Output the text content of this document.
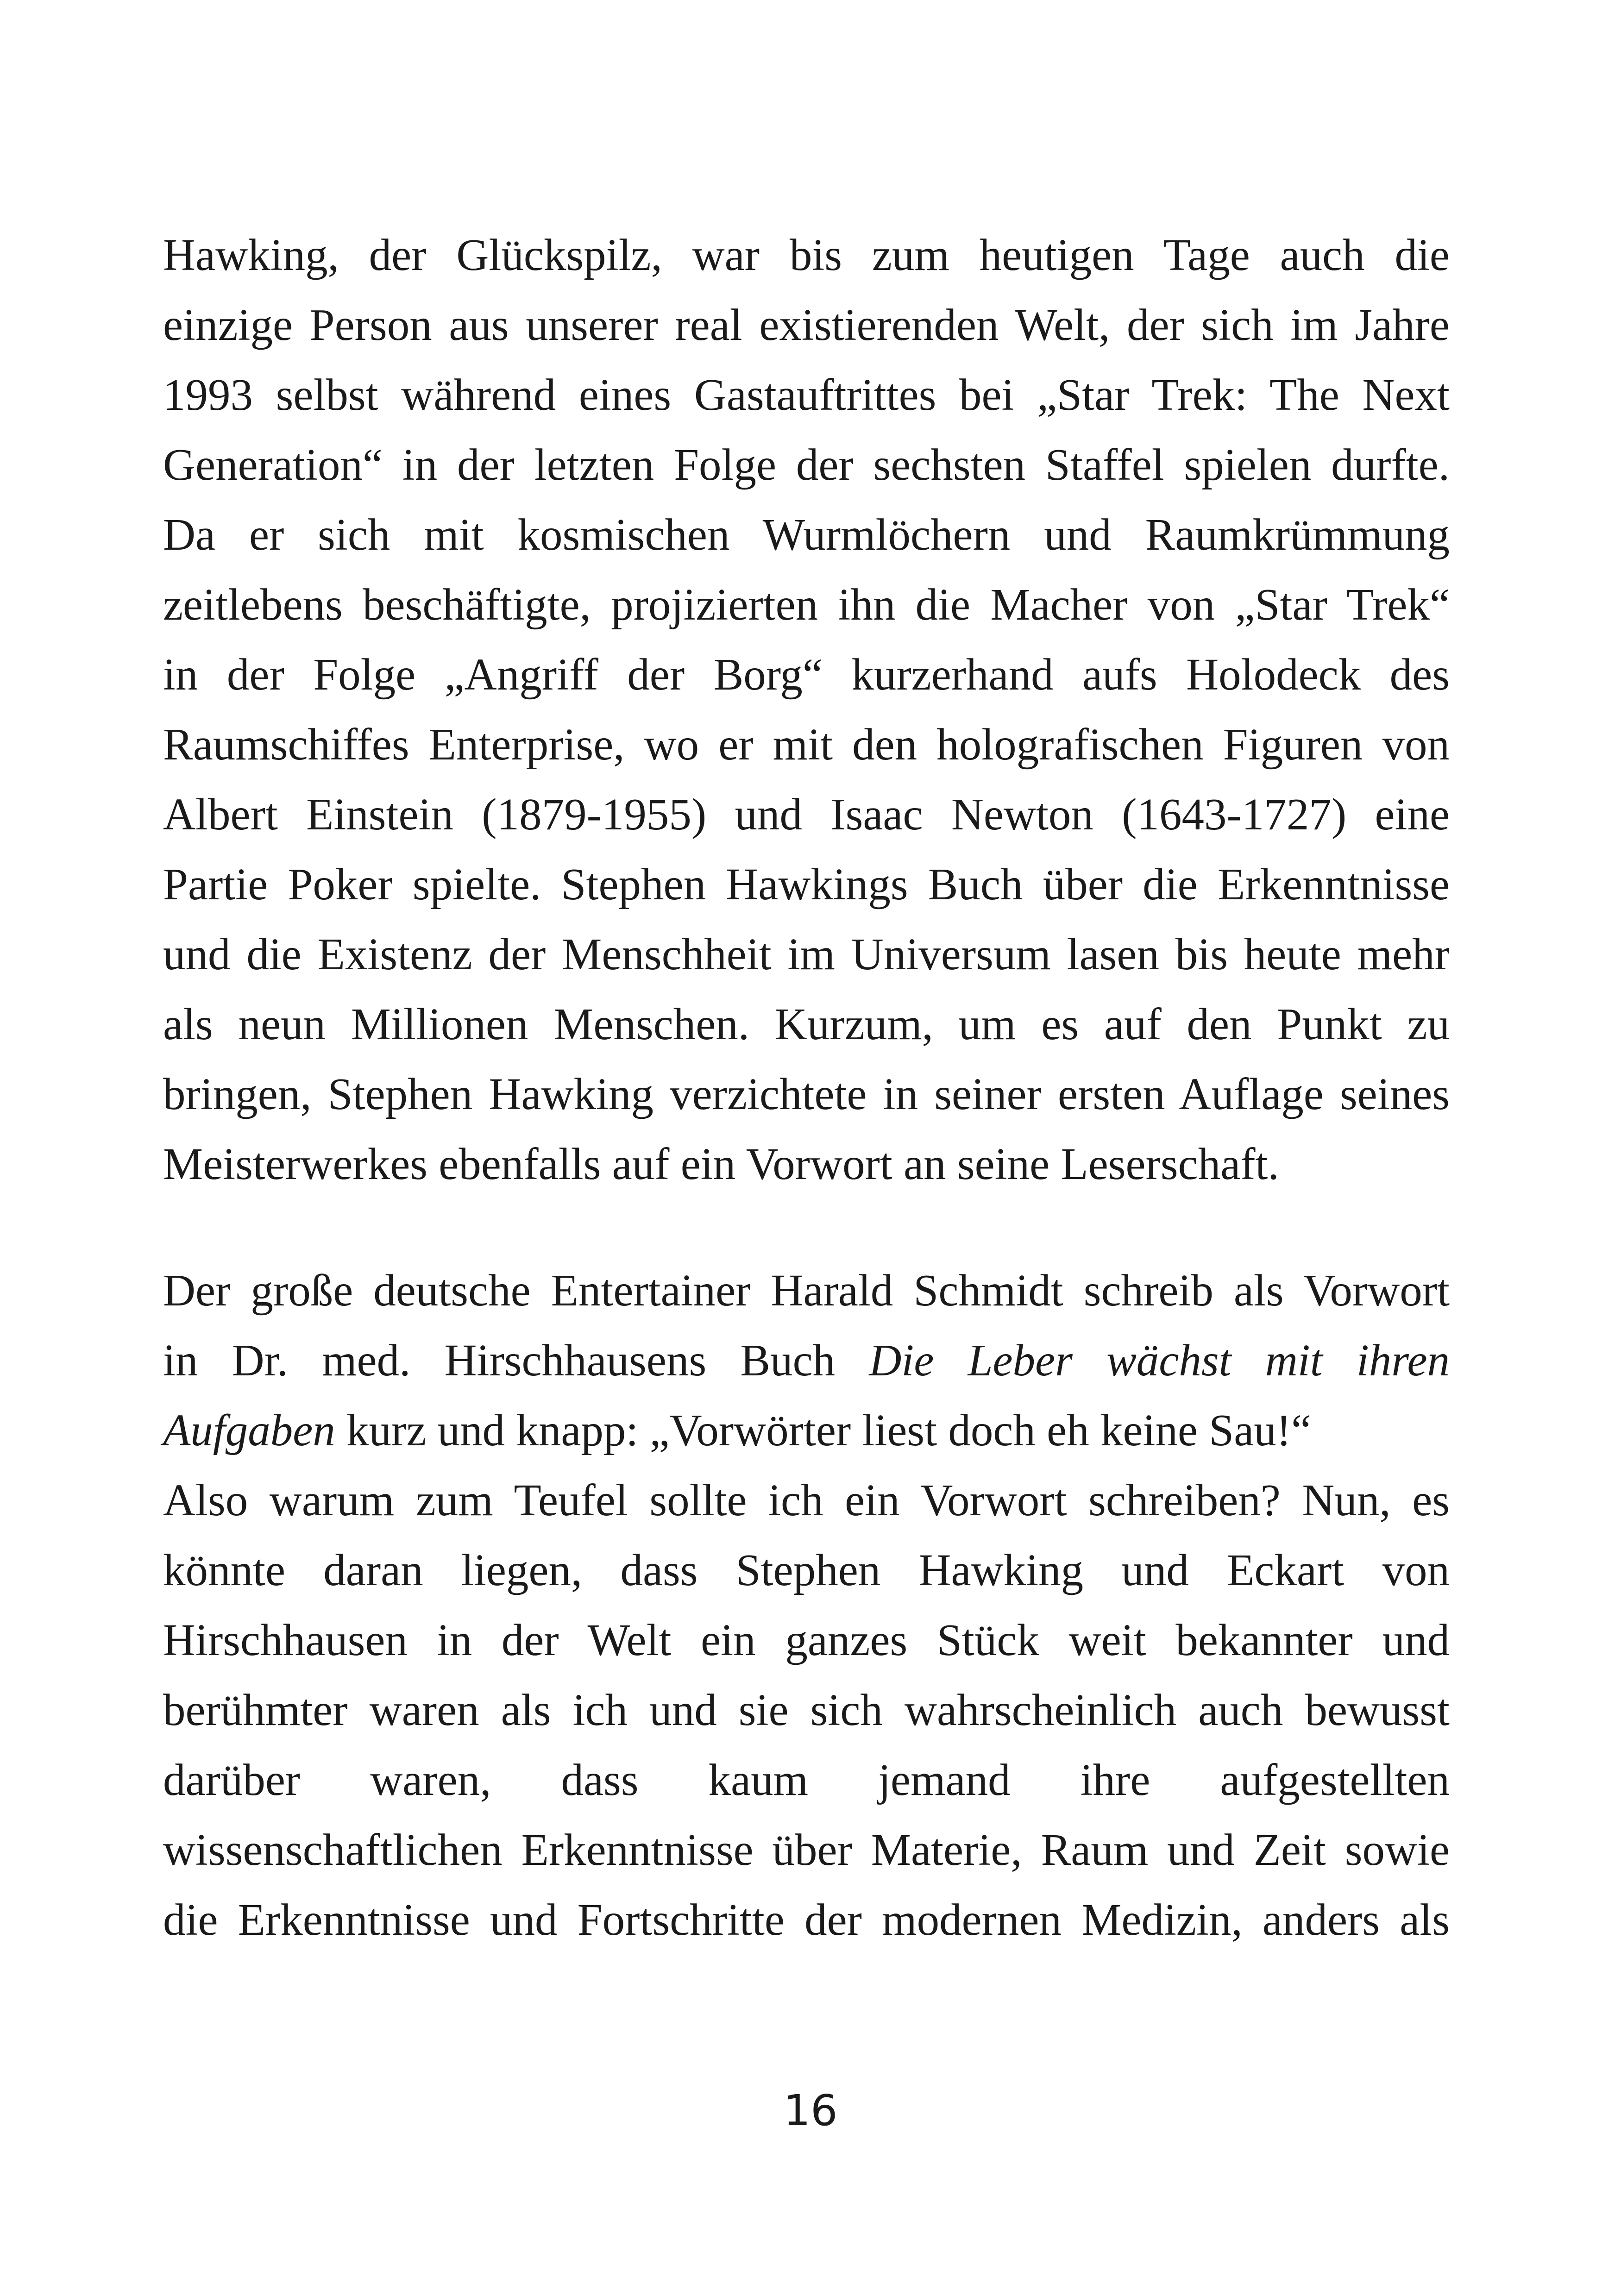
Hawking, der Glückspilz, war bis zum heutigen Tage auch die
einzige Person aus unserer real existierenden Welt, der sich im Jahre
1993 selbst während eines Gastauftrittes bei „Star Trek: The Next
Generation“ in der letzten Folge der sechsten Staffel spielen durfte.
Da er sich mit kosmischen Wurmlöchern und Raumkrümmung
zeitlebens beschäftigte, projizierten ihn die Macher von „Star Trek“
in der Folge „Angriff der Borg“ kurzerhand aufs Holodeck des
Raumschiffes Enterprise, wo er mit den holografischen Figuren von
Albert Einstein (1879-1955) und Isaac Newton (1643-1727) eine
Partie Poker spielte. Stephen Hawkings Buch über die Erkenntnisse
und die Existenz der Menschheit im Universum lasen bis heute mehr
als neun Millionen Menschen. Kurzum, um es auf den Punkt zu
bringen, Stephen Hawking verzichtete in seiner ersten Auflage seines
Meisterwerkes ebenfalls auf ein Vorwort an seine Leserschaft.
Der große deutsche Entertainer Harald Schmidt schreib als Vorwort
in Dr. med. Hirschhausens Buch Die Leber wächst mit ihren
Aufgaben kurz und knapp: „Vorwörter liest doch eh keine Sau!“
Also warum zum Teufel sollte ich ein Vorwort schreiben? Nun, es
könnte daran liegen, dass Stephen Hawking und Eckart von
Hirschhausen in der Welt ein ganzes Stück weit bekannter und
berühmter waren als ich und sie sich wahrscheinlich auch bewusst
darüber waren, dass kaum jemand ihre aufgestellten
wissenschaftlichen Erkenntnisse über Materie, Raum und Zeit sowie
die Erkenntnisse und Fortschritte der modernen Medizin, anders als
16
